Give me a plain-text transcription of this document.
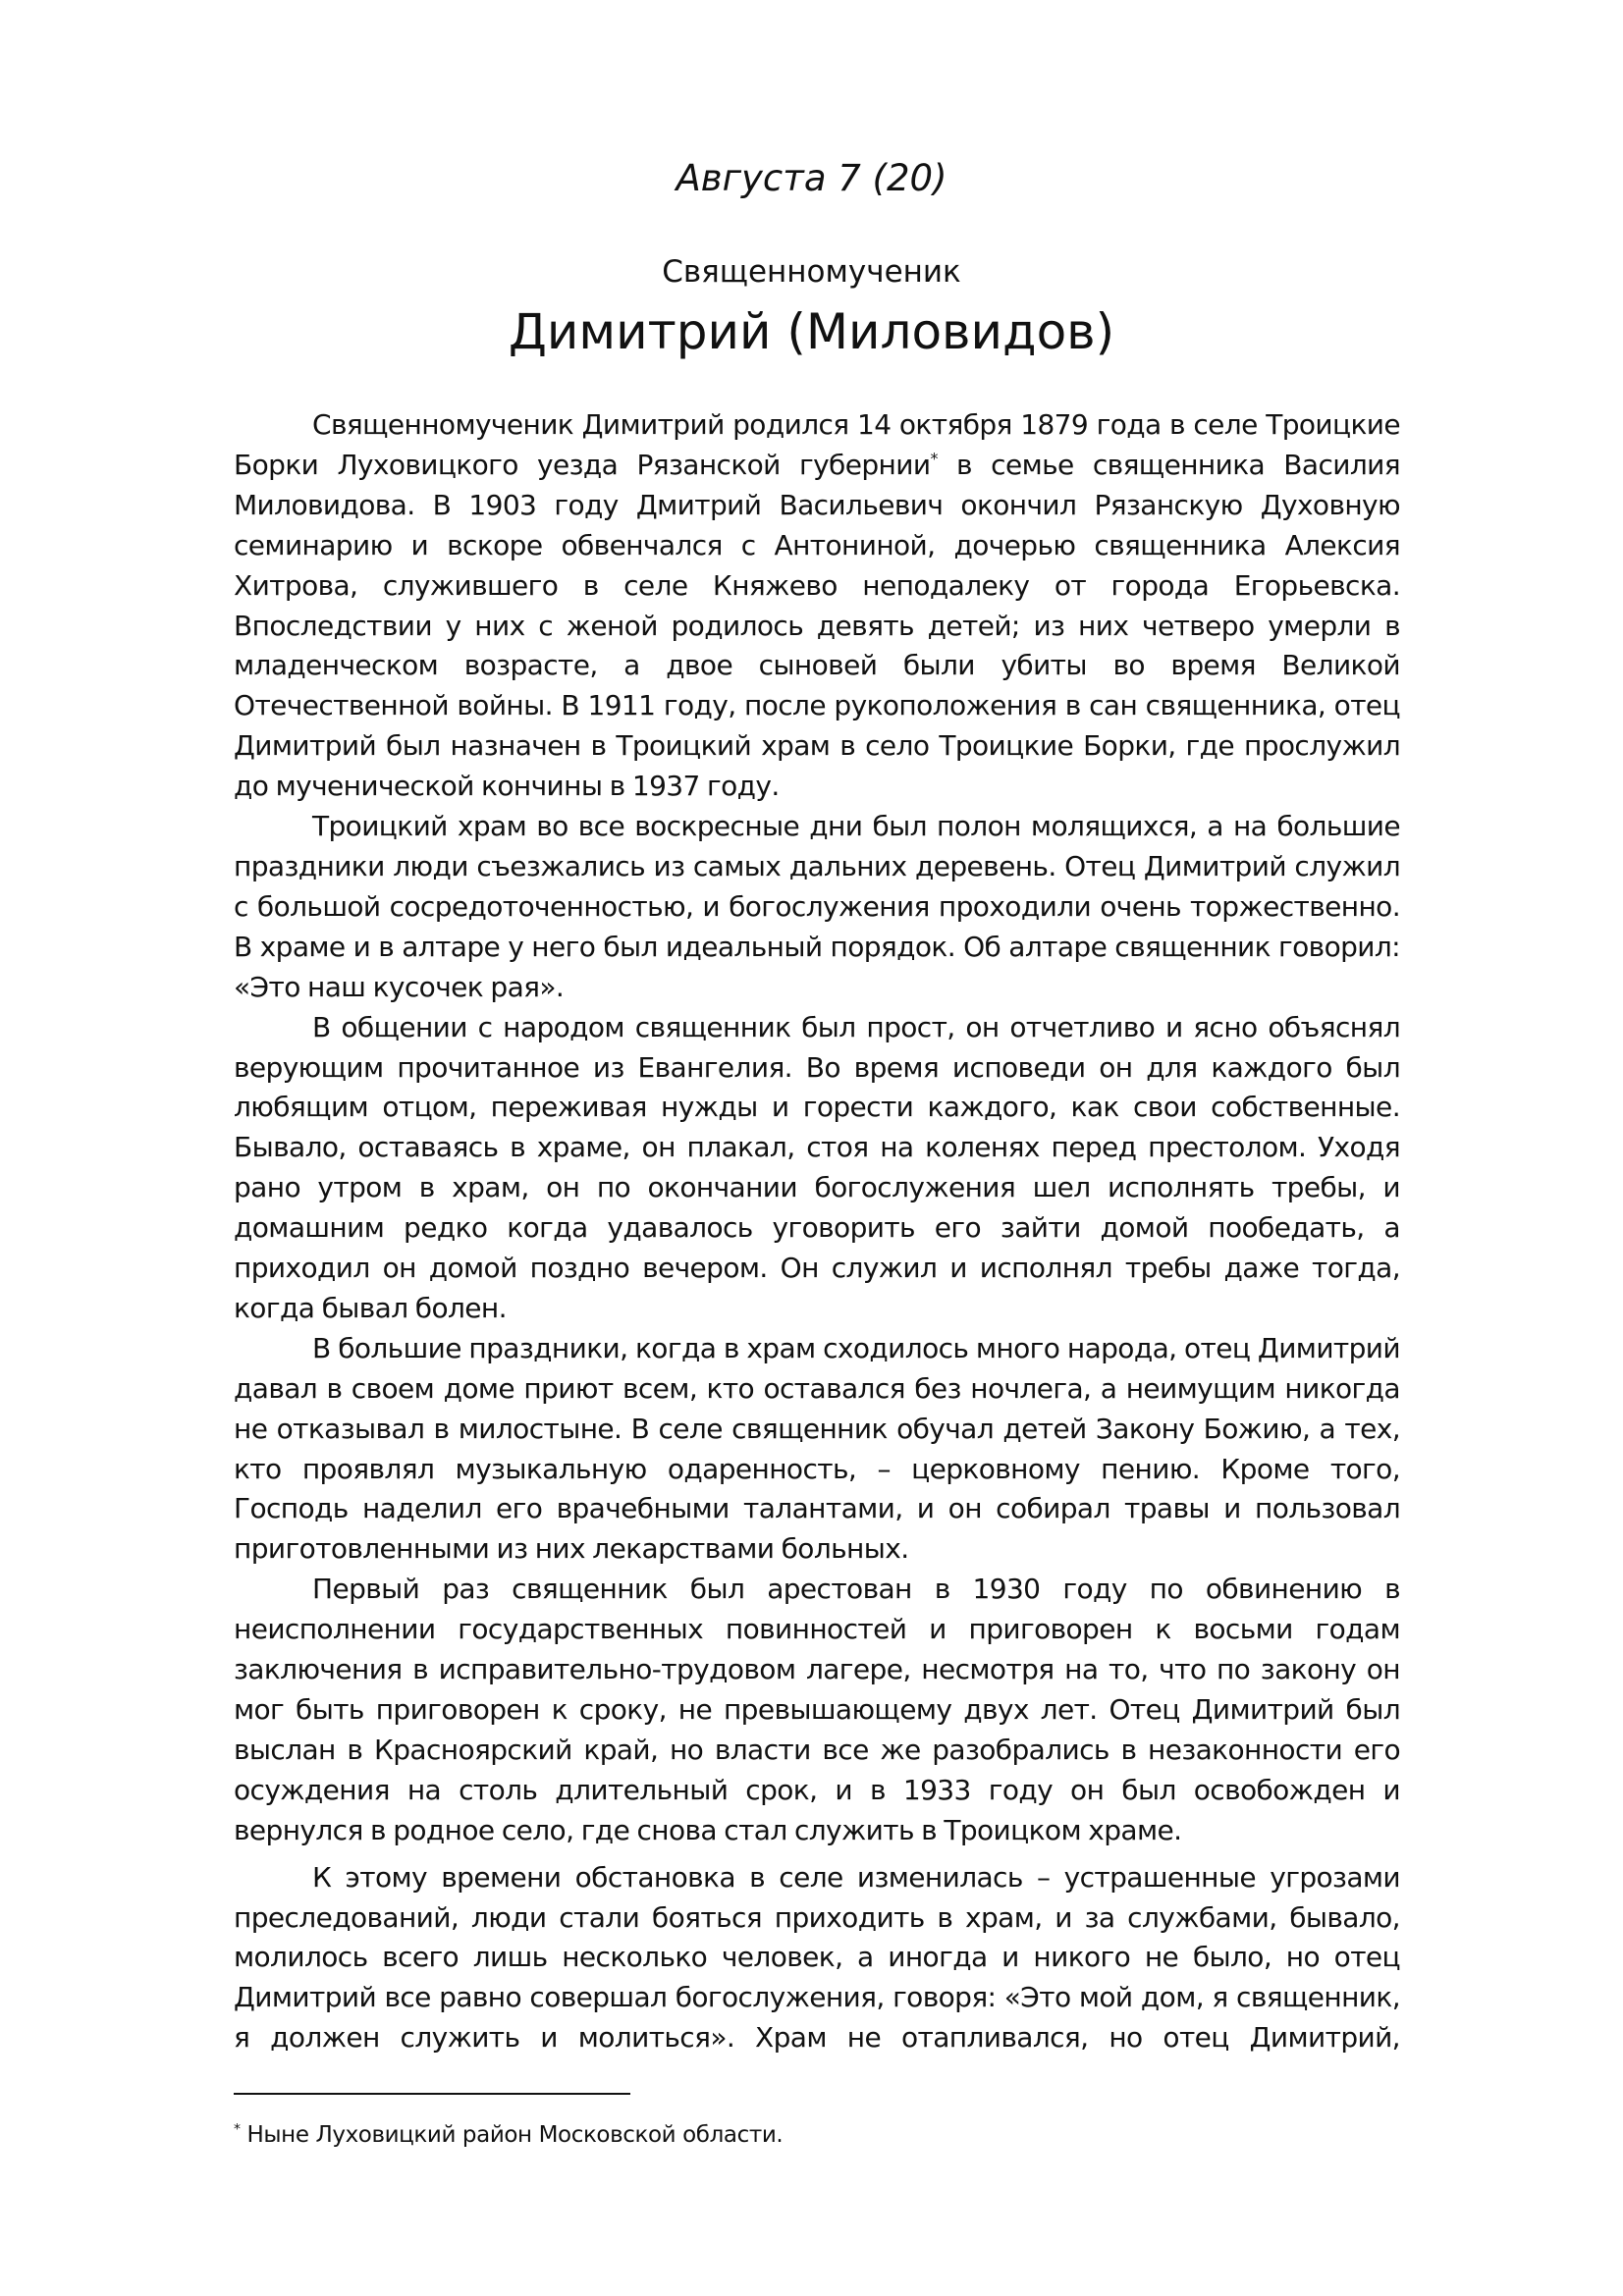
Августа 7 (20)
Священномученик
Димитрий (Миловидов)

Священномученик Димитрий родился 14 октября 1879 года в селе Троицкие Борки Луховицкого уезда Рязанской губернии* в семье священника Василия Миловидова. В 1903 году Дмитрий Васильевич окончил Рязанскую Духовную семинарию и вскоре обвенчался с Антониной, дочерью священника Алексия Хитрова, служившего в селе Княжево неподалеку от города Егорьевска. Впоследствии у них с женой родилось девять детей; из них четверо умерли в младенческом возрасте, а двое сыновей были убиты во время Великой Отечественной войны. В 1911 году, после рукоположения в сан священника, отец Димитрий был назначен в Троицкий храм в село Троицкие Борки, где прослужил до мученической кончины в 1937 году.

Троицкий храм во все воскресные дни был полон молящихся, а на большие праздники люди съезжались из самых дальних деревень. Отец Димитрий служил с большой сосредоточенностью, и богослужения проходили очень торжественно. В храме и в алтаре у него был идеальный порядок. Об алтаре священник говорил: «Это наш кусочек рая».

В общении с народом священник был прост, он отчетливо и ясно объяснял верующим прочитанное из Евангелия. Во время исповеди он для каждого был любящим отцом, переживая нужды и горести каждого, как свои собственные. Бывало, оставаясь в храме, он плакал, стоя на коленях перед престолом. Уходя рано утром в храм, он по окончании богослужения шел исполнять требы, и домашним редко когда удавалось уговорить его зайти домой пообедать, а приходил он домой поздно вечером. Он служил и исполнял требы даже тогда, когда бывал болен.

В большие праздники, когда в храм сходилось много народа, отец Димитрий давал в своем доме приют всем, кто оставался без ночлега, а неимущим никогда не отказывал в милостыне. В селе священник обучал детей Закону Божию, а тех, кто проявлял музыкальную одаренность, – церковному пению. Кроме того, Господь наделил его врачебными талантами, и он собирал травы и пользовал приготовленными из них лекарствами больных.

Первый раз священник был арестован в 1930 году по обвинению в неисполнении государственных повинностей и приговорен к восьми годам заключения в исправительно-трудовом лагере, несмотря на то, что по закону он мог быть приговорен к сроку, не превышающему двух лет. Отец Димитрий был выслан в Красноярский край, но власти все же разобрались в незаконности его осуждения на столь длительный срок, и в 1933 году он был освобожден и вернулся в родное село, где снова стал служить в Троицком храме.

К этому времени обстановка в селе изменилась – устрашенные угрозами преследований, люди стали бояться приходить в храм, и за службами, бывало, молилось всего лишь несколько человек, а иногда и никого не было, но отец Димитрий все равно совершал богослужения, говоря: «Это мой дом, я священник, я должен служить и молиться». Храм не отапливался, но отец Димитрий,

* Ныне Луховицкий район Московской области.
